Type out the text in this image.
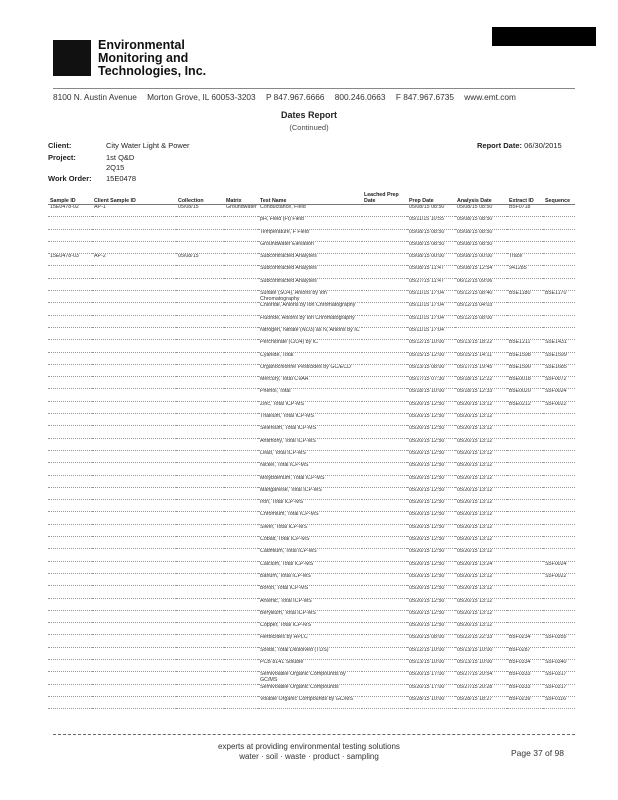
Environmental
Monitoring and
Technologies, Inc.
8100 N. Austin Avenue Morton Grove, IL 60053-3203 P 847.967.6666 800.246.0663 F 847.967.6735 www.emt.com
Dates Report
(Continued)
Client:	City Water Light & Power
Project:	1st Q&D
2Q15
Work Order: 15E0478
Report Date: 06/30/2015
Sample ID	Client Sample ID	Collection	Matrix	Test Name	Leached Prep Date	Prep Date	Analysis Date	Extract ID	Sequence
15E0478-02	AP-1	05/08/15	Groundwater	Conductance, Field		05/08/15 08:50	05/08/15 08:50	B5F0718	
				pH, Field (Ft) Field		05/11/15 10:55	05/08/15 08:50		
				Temperature, F Field		05/08/15 08:50	05/08/15 08:50		
				Groundwater Elevation		05/08/15 08:50	05/08/15 08:50		
15E0478-03	AP-2	05/08/15		Subcontracted Analyses		05/08/15 00:00	05/08/15 00:00	Trace	
				Subcontracted Analyses		05/08/15 11:47	05/08/15 12:54	941285	
				Subcontracted Analyses		05/27/15 11:47	06/12/15 09:06		
				Sulfate (SO4), Anions by Ion Chromatography		05/11/15 17:04	05/12/15 08:40	B5E1180	B5E1170
				Chloride, Anions by Ion Chromatography		05/11/15 17:04	05/12/15 04:03		
				Fluoride, Anions by Ion Chromatography		05/11/15 17:04	05/12/15 08:00		
				Nitrogen, Nitrate (NO3) as N, Anions by IC		05/11/15 17:04			
				Perchlorate (ClO4) by IC		05/12/15 10:00	05/13/15 18:22	B5E1211	S5E1431
				Cyanide, Total		05/15/15 12:00	05/15/15 14:11	B5E1598	S5E1599
				Organochlorine Pesticides by GC/ECD		05/13/15 08:00	05/17/15 19:45	B5E1590	S5E1685
				Mercury, Total CVAA		05/17/15 07:30	05/18/15 12:22	B5E0018	S5F0072
				Phenol, Total		05/18/15 10:00	05/18/15 12:33	B5E0020	S5F0024
				Zinc, Total ICP-MS		05/20/15 12:50	05/20/15 13:12	B5E0212	S5F0022
				Thallium, Total ICP-MS		05/20/15 12:50	05/20/15 13:12		
				Selenium, Total ICP-MS		05/20/15 12:50	05/20/15 13:12		
				Antimony, Total ICP-MS		05/20/15 12:50	05/20/15 13:12		
				Lead, Total ICP-MS		05/20/15 12:50	05/20/15 13:12		
				Nickel, Total ICP-MS		05/20/15 12:50	05/20/15 13:12		
				Molybdenum, Total ICP-MS		05/20/15 12:50	05/20/15 13:12		
				Manganese, Total ICP-MS		05/20/15 12:50	05/20/15 13:12		
				Iron, Total ICP-MS		05/20/15 12:50	05/20/15 13:12		
				Chromium, Total ICP-MS		05/20/15 12:50	05/20/15 13:12		
				Silver, Total ICP-MS		05/20/15 12:50	05/20/15 13:12		
				Cobalt, Total ICP-MS		05/20/15 12:50	05/20/15 13:12		
				Cadmium, Total ICP-MS		05/20/15 12:50	05/20/15 13:12		
				Calcium, Total ICP-MS		05/20/15 12:50	05/20/15 13:24		S5F0024
				Barium, Total ICP-MS		05/20/15 12:50	05/20/15 13:12		S5F0022
				Boron, Total ICP-MS		05/20/15 12:50	05/20/15 13:12		
				Arsenic, Total ICP-MS		05/20/15 12:50	05/20/15 13:12		
				Beryllium, Total ICP-MS		05/20/15 12:50	05/20/15 13:12		
				Copper, Total ICP-MS		05/20/15 12:50	05/20/15 13:12		
				Herbicides by HPLC		05/20/15 08:00	05/22/15 22:33	B5F0234	S5F0355
				Solids, Total Dissolved (TDS)		05/12/15 10:00	05/13/15 10:00	B5F0287	
				PCB 8141 Soluble		05/13/15 10:00	05/13/15 10:00	B5F0334	S5F0340
				Semivolatile Organic Compounds by GC/MS		05/20/15 17:00	05/27/15 20:54	B5F0333	S5F0317
				Semivolatile Organic Compounds		05/20/15 17:00	05/27/15 20:28	B5F0333	S5F0317
				Volatile Organic Compounds by GC/MS		05/28/15 10:00	05/28/15 18:27	B5F0239	S5F0116
experts at providing environmental testing solutions
water · soil · waste · product · sampling	Page 37 of 98
